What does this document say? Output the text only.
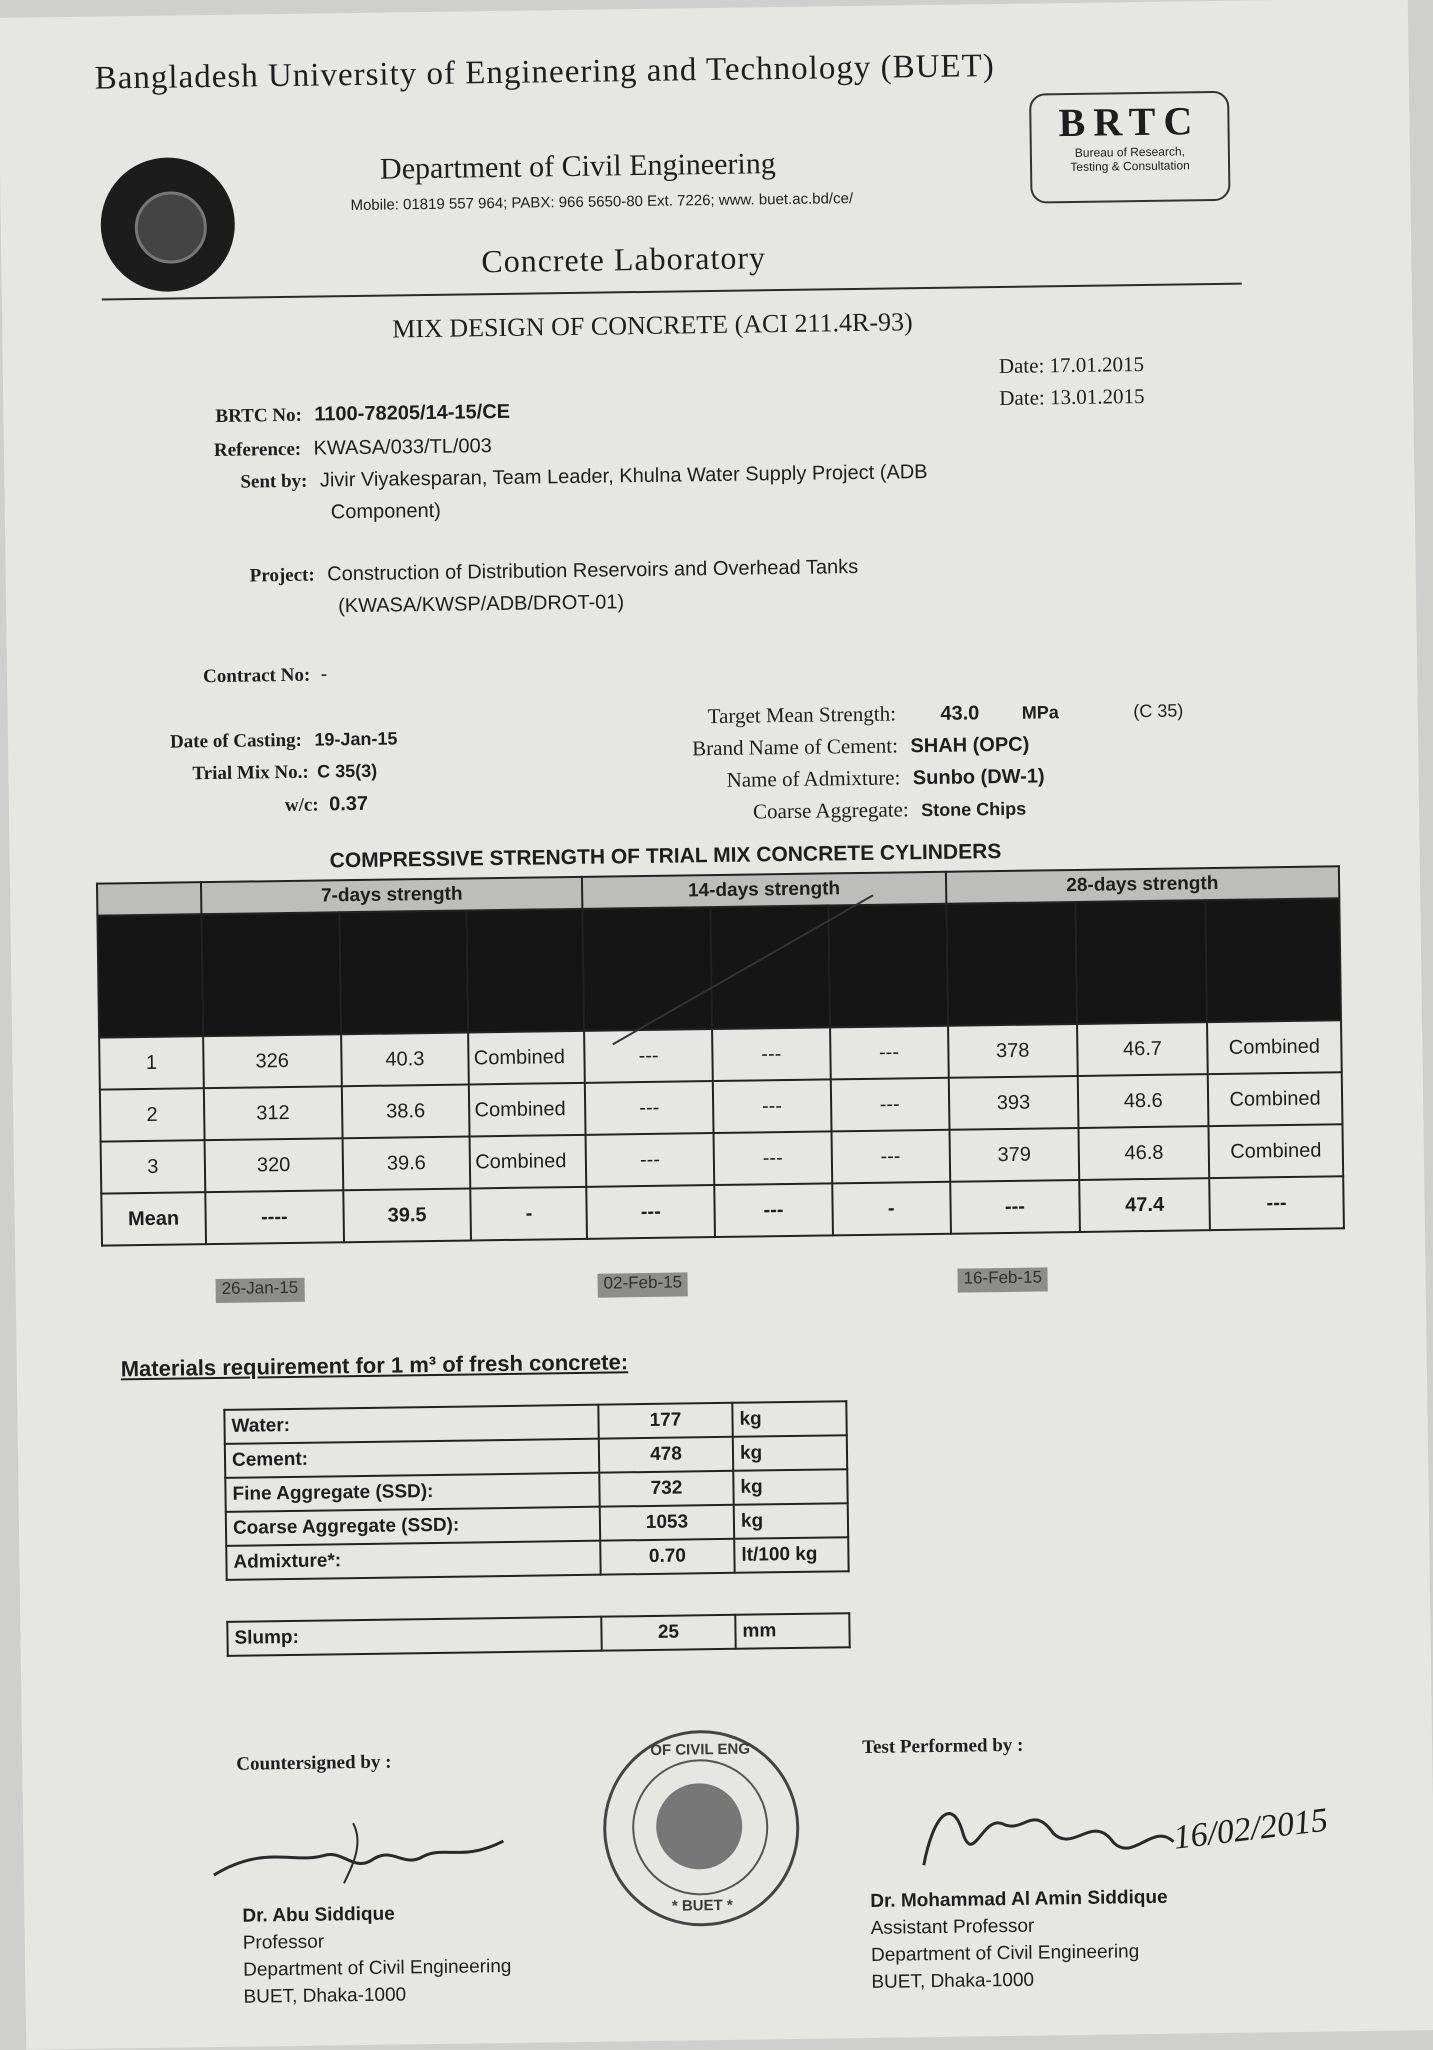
Bangladesh University of Engineering and Technology (BUET)
Department of Civil Engineering
Mobile: 01819 557 964; PABX: 966 5650-80 Ext. 7226; www. buet.ac.bd/ce/
BRTC
Bureau of Research,
Testing & Consultation
Concrete Laboratory
MIX DESIGN OF CONCRETE (ACI 211.4R-93)
Date: 17.01.2015
Date: 13.01.2015
BRTC No: 1100-78205/14-15/CE
Reference: KWASA/033/TL/003
Sent by: Jivir Viyakesparan, Team Leader, Khulna Water Supply Project (ADB
Component)
Project: Construction of Distribution Reservoirs and Overhead Tanks
(KWASA/KWSP/ADB/DROT-01)
Contract No: -
Date of Casting: 19-Jan-15
Trial Mix No.: C 35(3)
w/c: 0.37
Target Mean Strength: 43.0 MPa	(C 35)
Brand Name of Cement: SHAH (OPC)
Name of Admixture: Sunbo (DW-1)
Coarse Aggregate: Stone Chips
COMPRESSIVE STRENGTH OF TRIAL MIX CONCRETE CYLINDERS
	7-days strength			14-days strength			28-days strength		

1	326	40.3	Combined	---	---	---	378	46.7	Combined
2	312	38.6	Combined	---	---	---	393	48.6	Combined
3	320	39.6	Combined	---	---	---	379	46.8	Combined
Mean	----	39.5	-	---	---	-	---	47.4	---
26-Jan-15	02-Feb-15	16-Feb-15
Materials requirement for 1 m³ of fresh concrete:
Water:	177	kg
Cement:	478	kg
Fine Aggregate (SSD):	732	kg
Coarse Aggregate (SSD):	1053	kg
Admixture*:	0.70	lt/100 kg
Slump:	25	mm
Countersigned by :
Dr. Abu Siddique
Professor
Department of Civil Engineering
BUET, Dhaka-1000
OF CIVIL ENG
* BUET *
Test Performed by :
16/02/2015
Dr. Mohammad Al Amin Siddique
Assistant Professor
Department of Civil Engineering
BUET, Dhaka-1000
